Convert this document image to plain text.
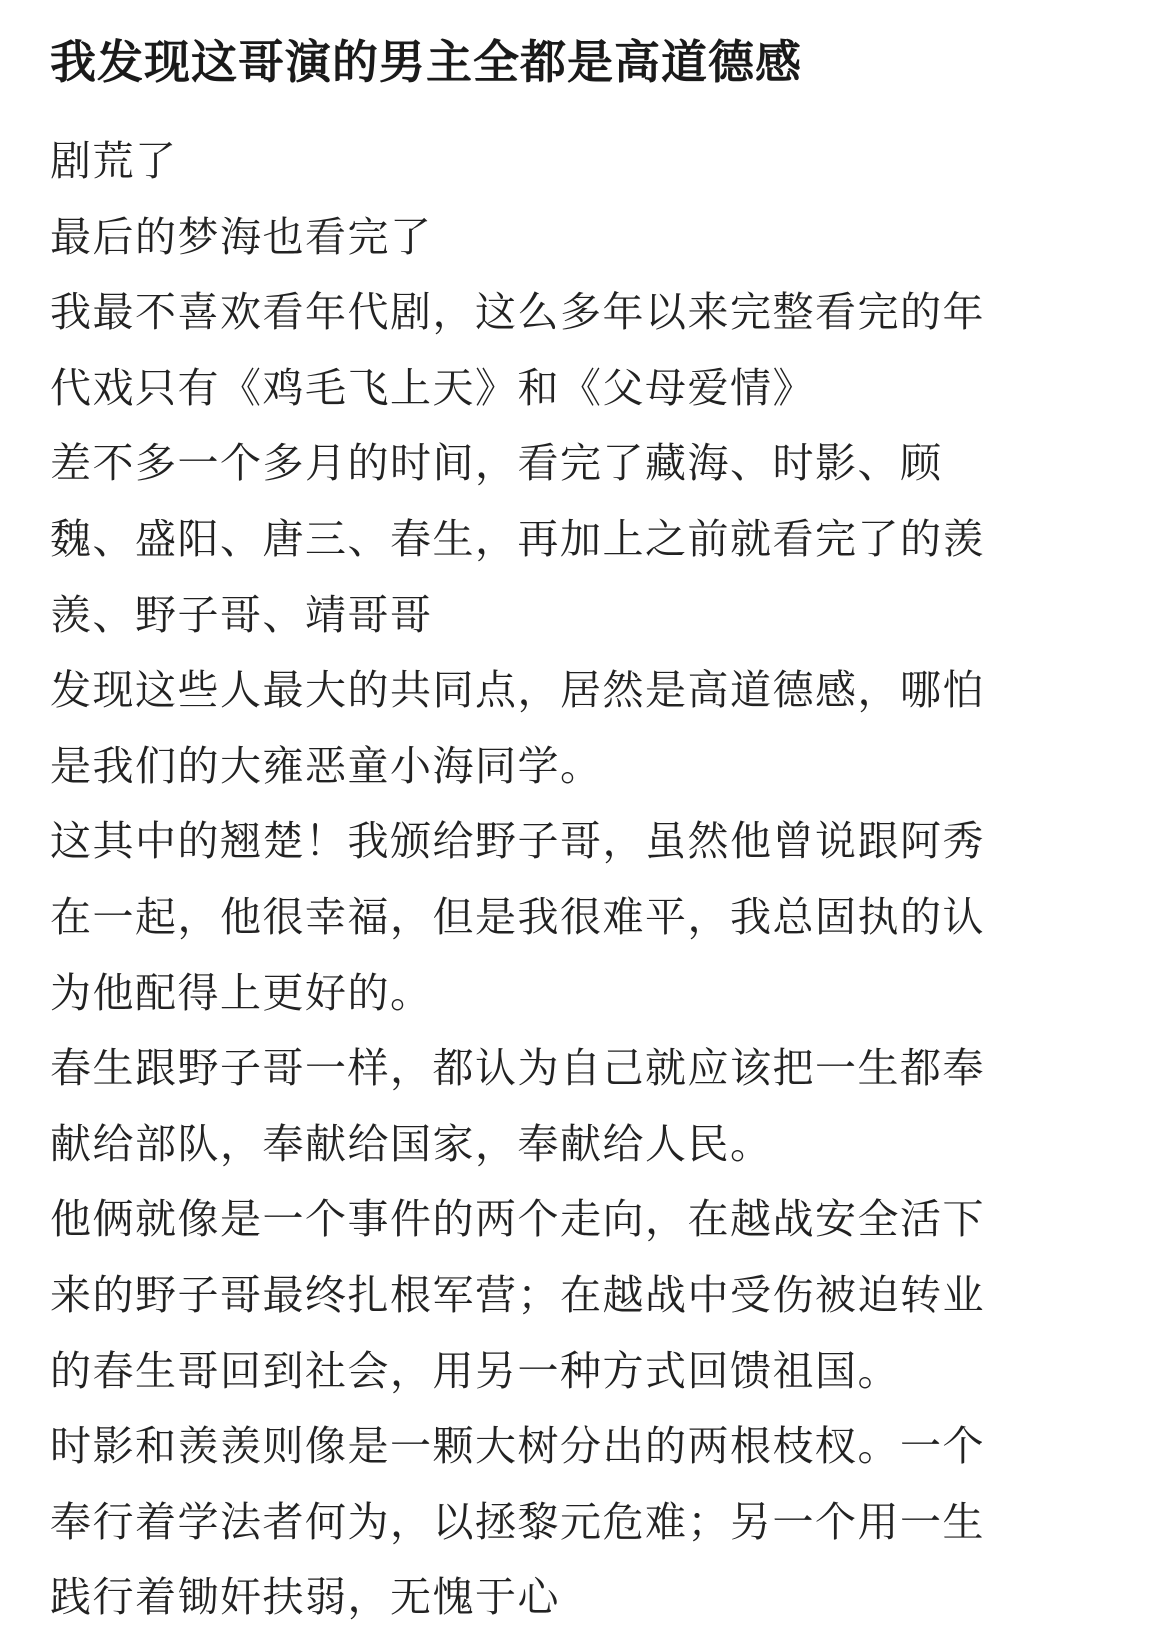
我发现这哥演的男主全都是高道德感
剧荒了
最后的梦海也看完了
我最不喜欢看年代剧，这么多年以来完整看完的年
代戏只有《鸡毛飞上天》和《父母爱情》
差不多一个多月的时间，看完了藏海、时影、顾
魏、盛阳、唐三、春生，再加上之前就看完了的羡
羡、野子哥、靖哥哥
发现这些人最大的共同点，居然是高道德感，哪怕
是我们的大雍恶童小海同学。
这其中的翘楚！我颁给野子哥，虽然他曾说跟阿秀
在一起，他很幸福，但是我很难平，我总固执的认
为他配得上更好的。
春生跟野子哥一样，都认为自己就应该把一生都奉
献给部队，奉献给国家，奉献给人民。
他俩就像是一个事件的两个走向，在越战安全活下
来的野子哥最终扎根军营；在越战中受伤被迫转业
的春生哥回到社会，用另一种方式回馈祖国。
时影和羡羡则像是一颗大树分出的两根枝杈。一个
奉行着学法者何为，以拯黎元危难；另一个用一生
践行着锄奸扶弱，无愧于心
